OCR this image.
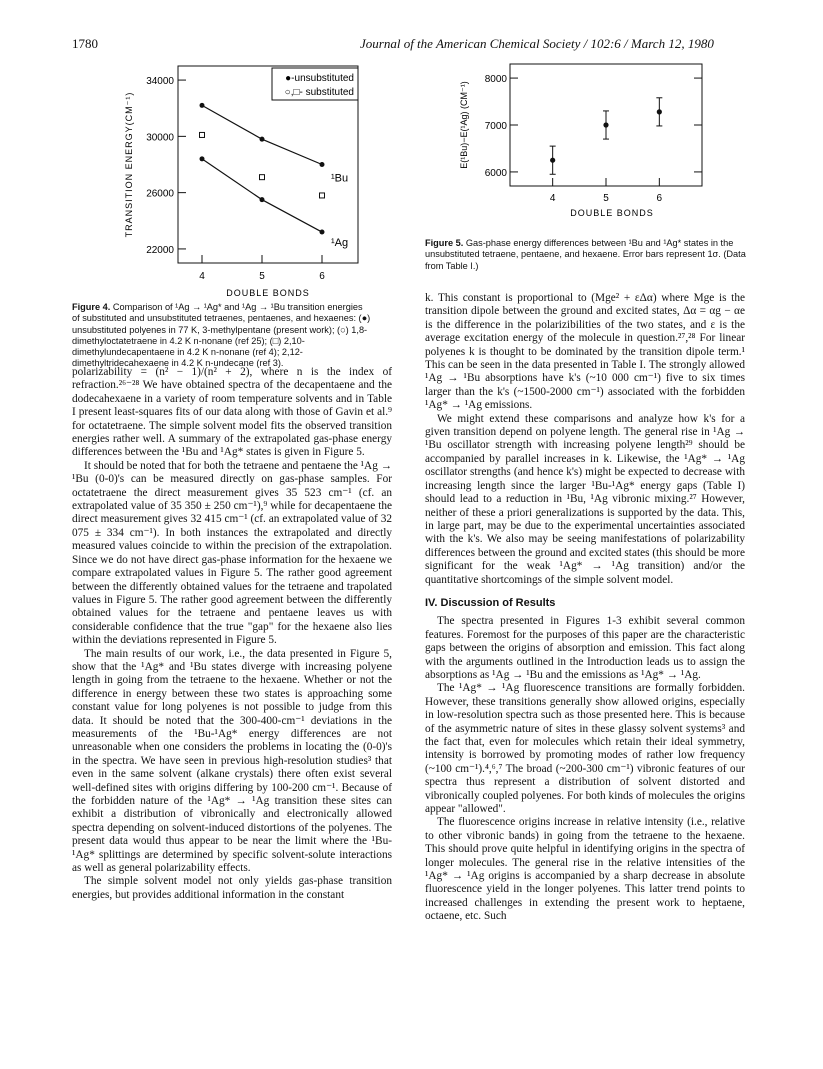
1780	Journal of the American Chemical Society / 102:6 / March 12, 1980
22000
26000
30000
34000
4	5	6
DOUBLE BONDS
TRANSITION ENERGY(CM⁻¹)
●-unsubstituted
○,□- substituted
¹Bu
¹Ag
Figure 4. Comparison of ¹Ag → ¹Ag* and ¹Ag → ¹Bu transition energies of substituted and unsubstituted tetraenes, pentaenes, and hexaenes: (●) unsubstituted polyenes in 77 K, 3-methylpentane (present work); (○) 1,8-dimethyloctatetraene in 4.2 K n-nonane (ref 25); (□) 2,10-dimethylundecapentaene in 4.2 K n-nonane (ref 4); 2,12-dimethyltridecahexaene in 4.2 K n-undecane (ref 3).
6000
7000
8000
4	5	6
DOUBLE BONDS
E(¹Bu)−E(¹Ag) (CM⁻¹)
Figure 5. Gas-phase energy differences between ¹Bu and ¹Ag* states in the unsubstituted tetraene, pentaene, and hexaene. Error bars represent 1σ. (Data from Table I.)

polarizability = (n² − 1)/(n² + 2), where n is the index of refraction.²⁶⁻²⁸ We have obtained spectra of the decapentaene and the dodecahexaene in a variety of room temperature solvents and in Table I present least-squares fits of our data along with those of Gavin et al.⁹ for octatetraene. The simple solvent model fits the observed transition energies rather well. A summary of the extrapolated gas-phase energy differences between the ¹Bu and ¹Ag* states is given in Figure 5.

It should be noted that for both the tetraene and pentaene the ¹Ag → ¹Bu (0-0)'s can be measured directly on gas-phase samples. For octatetraene the direct measurement gives 35 523 cm⁻¹ (cf. an extrapolated value of 35 350 ± 250 cm⁻¹),⁹ while for decapentaene the direct measurement gives 32 415 cm⁻¹ (cf. an extrapolated value of 32 075 ± 334 cm⁻¹). In both instances the extrapolated and directly measured values coincide to within the precision of the extrapolation. Since we do not have direct gas-phase information for the hexaene we compare extrapolated values in Figure 5. The rather good agreement between the differently obtained values for the tetraene and trapolated values in Figure 5. The rather good agreement between the differently obtained values for the tetraene and pentaene leaves us with considerable confidence that the true "gap" for the hexaene also lies within the deviations represented in Figure 5.

The main results of our work, i.e., the data presented in Figure 5, show that the ¹Ag* and ¹Bu states diverge with increasing polyene length in going from the tetraene to the hexaene. Whether or not the difference in energy between these two states is approaching some constant value for long polyenes is not possible to judge from this data. It should be noted that the 300-400-cm⁻¹ deviations in the measurements of the ¹Bu-¹Ag* energy differences are not unreasonable when one considers the problems in locating the (0-0)'s in the spectra. We have seen in previous high-resolution studies³ that even in the same solvent (alkane crystals) there often exist several well-defined sites with origins differing by 100-200 cm⁻¹. Because of the forbidden nature of the ¹Ag* → ¹Ag transition these sites can exhibit a distribution of vibronically and electronically allowed spectra depending on solvent-induced distortions of the polyenes. The present data would thus appear to be near the limit where the ¹Bu-¹Ag* splittings are determined by specific solvent-solute interactions as well as general polarizability effects.

The simple solvent model not only yields gas-phase transition energies, but provides additional information in the constant

k. This constant is proportional to (Mge² + εΔα) where Mge is the transition dipole between the ground and excited states, Δα = αg − αe is the difference in the polarizibilities of the two states, and ε is the average excitation energy of the molecule in question.²⁷,²⁸ For linear polyenes k is thought to be dominated by the transition dipole term.¹ This can be seen in the data presented in Table I. The strongly allowed ¹Ag → ¹Bu absorptions have k's (~10 000 cm⁻¹) five to six times larger than the k's (~1500-2000 cm⁻¹) associated with the forbidden ¹Ag* → ¹Ag emissions.

We might extend these comparisons and analyze how k's for a given transition depend on polyene length. The general rise in ¹Ag → ¹Bu oscillator strength with increasing polyene length²⁹ should be accompanied by parallel increases in k. Likewise, the ¹Ag* → ¹Ag oscillator strengths (and hence k's) might be expected to decrease with increasing length since the larger ¹Bu-¹Ag* energy gaps (Table I) should lead to a reduction in ¹Bu, ¹Ag vibronic mixing.²⁷ However, neither of these a priori generalizations is supported by the data. This, in large part, may be due to the experimental uncertainties associated with the k's. We also may be seeing manifestations of polarizability differences between the ground and excited states (this should be more significant for the weak ¹Ag* → ¹Ag transition) and/or the quantitative shortcomings of the simple solvent model.

IV. Discussion of Results

The spectra presented in Figures 1-3 exhibit several common features. Foremost for the purposes of this paper are the characteristic gaps between the origins of absorption and emission. This fact along with the arguments outlined in the Introduction leads us to assign the absorptions as ¹Ag → ¹Bu and the emissions as ¹Ag* → ¹Ag.

The ¹Ag* → ¹Ag fluorescence transitions are formally forbidden. However, these transitions generally show allowed origins, especially in low-resolution spectra such as those presented here. This is because of the asymmetric nature of sites in these glassy solvent systems³ and the fact that, even for molecules which retain their ideal symmetry, intensity is borrowed by promoting modes of rather low frequency (~100 cm⁻¹).⁴,⁶,⁷ The broad (~200-300 cm⁻¹) vibronic features of our spectra thus represent a distribution of solvent distorted and vibronically coupled polyenes. For both kinds of molecules the origins appear "allowed".

The fluorescence origins increase in relative intensity (i.e., relative to other vibronic bands) in going from the tetraene to the hexaene. This should prove quite helpful in identifying origins in the spectra of longer molecules. The general rise in the relative intensities of the ¹Ag* → ¹Ag origins is accompanied by a sharp decrease in absolute fluorescence yield in the longer polyenes. This latter trend points to increased challenges in extending the present work to heptaene, octaene, etc. Such
